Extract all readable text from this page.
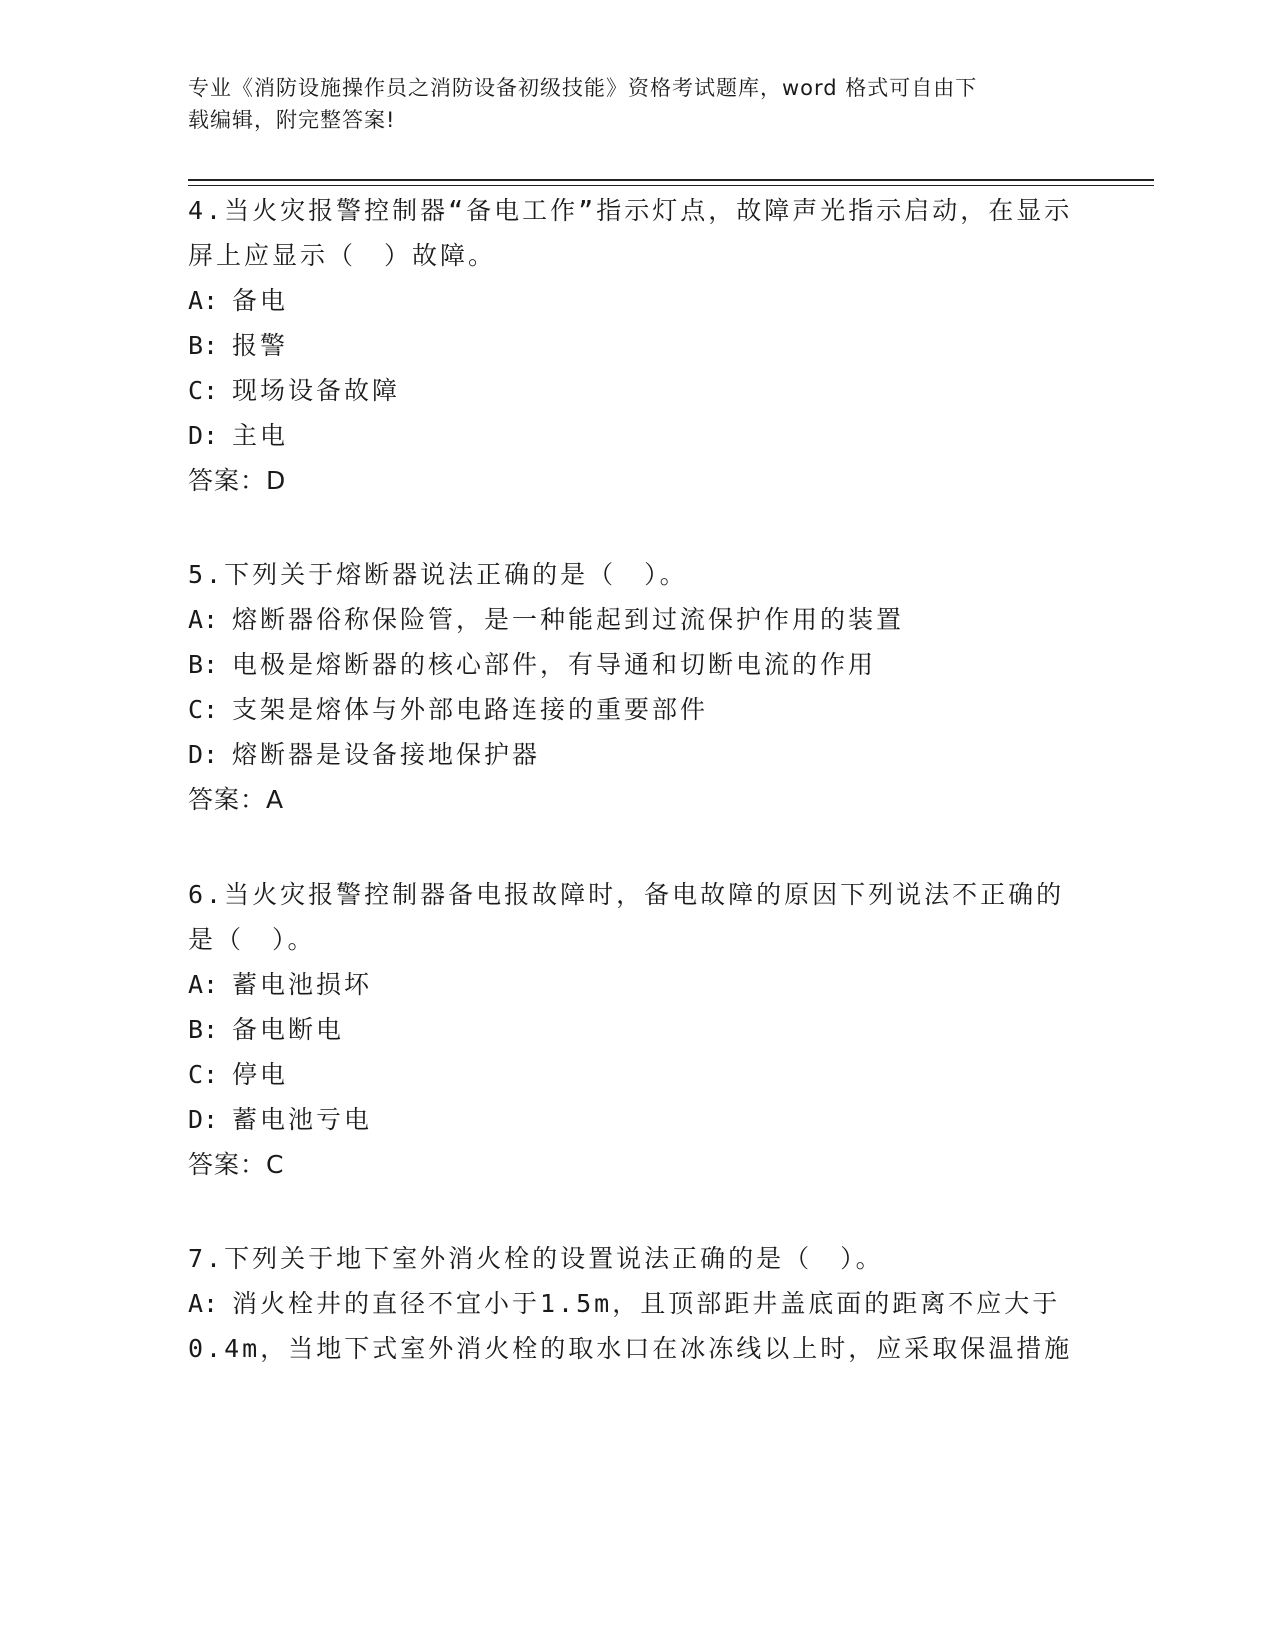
专业《消防设施操作员之消防设备初级技能》资格考试题库，word 格式可自由下
载编辑，附完整答案!

4.当火灾报警控制器“备电工作”指示灯点，故障声光指示启动，在显示屏上应显示（　）故障。

A: 备电

B: 报警

C: 现场设备故障

D: 主电

答案：D

5.下列关于熔断器说法正确的是（　）。

A: 熔断器俗称保险管，是一种能起到过流保护作用的装置

B: 电极是熔断器的核心部件，有导通和切断电流的作用

C: 支架是熔体与外部电路连接的重要部件

D: 熔断器是设备接地保护器

答案：A

6.当火灾报警控制器备电报故障时，备电故障的原因下列说法不正确的是（　）。

A: 蓄电池损坏

B: 备电断电

C: 停电

D: 蓄电池亏电

答案：C

7.下列关于地下室外消火栓的设置说法正确的是（　）。

A: 消火栓井的直径不宜小于1.5m，且顶部距井盖底面的距离不应大于0.4m，当地下式室外消火栓的取水口在冰冻线以上时，应采取保温措施
